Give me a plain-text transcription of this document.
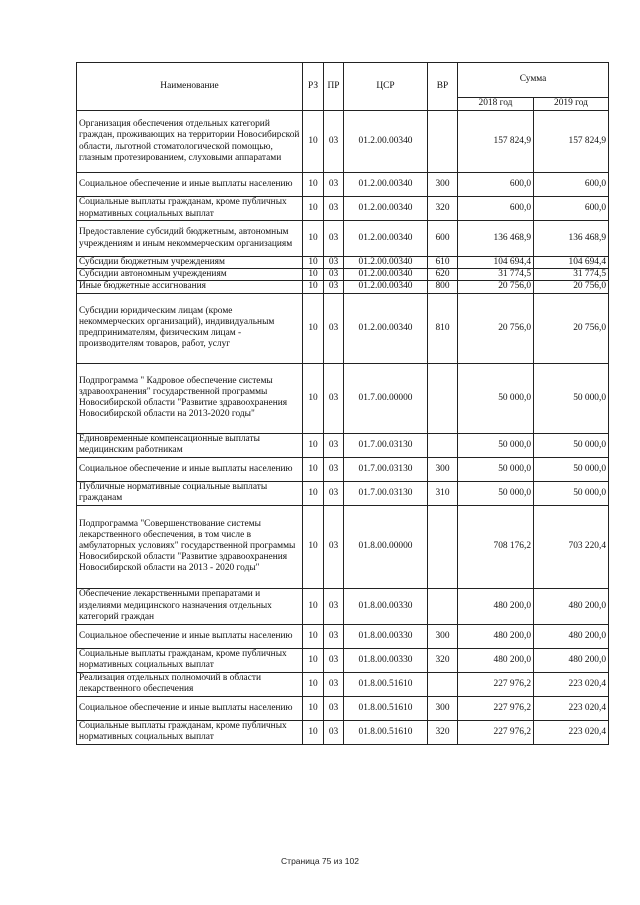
Наименование	РЗ	ПР	ЦСР	ВР	Сумма	
					2018 год	2019 год
Организация обеспечения отдельных категорий граждан, проживающих на территории Новосибирской области, льготной стоматологической помощью, глазным протезированием, слуховыми аппаратами	10	03	01.2.00.00340		157 824,9	157 824,9
Социальное обеспечение и иные выплаты населению	10	03	01.2.00.00340	300	600,0	600,0
Социальные выплаты гражданам, кроме публичных нормативных социальных выплат	10	03	01.2.00.00340	320	600,0	600,0
Предоставление субсидий бюджетным, автономным учреждениям и иным некоммерческим организациям	10	03	01.2.00.00340	600	136 468,9	136 468,9
Субсидии бюджетным учреждениям	10	03	01.2.00.00340	610	104 694,4	104 694,4
Субсидии автономным учреждениям	10	03	01.2.00.00340	620	31 774,5	31 774,5
Иные бюджетные ассигнования	10	03	01.2.00.00340	800	20 756,0	20 756,0
Субсидии юридическим лицам (кроме некоммерческих организаций), индивидуальным предпринимателям, физическим лицам - производителям товаров, работ, услуг	10	03	01.2.00.00340	810	20 756,0	20 756,0
Подпрограмма " Кадровое обеспечение системы здравоохранения" государственной программы Новосибирской области "Развитие здравоохранения Новосибирской области на 2013-2020 годы"	10	03	01.7.00.00000		50 000,0	50 000,0
Единовременные компенсационные выплаты медицинским работникам	10	03	01.7.00.03130		50 000,0	50 000,0
Социальное обеспечение и иные выплаты населению	10	03	01.7.00.03130	300	50 000,0	50 000,0
Публичные нормативные социальные выплаты гражданам	10	03	01.7.00.03130	310	50 000,0	50 000,0
Подпрограмма "Совершенствование системы лекарственного обеспечения, в том числе в амбулаторных условиях" государственной программы Новосибирской области "Развитие здравоохранения Новосибирской области на 2013 - 2020 годы"	10	03	01.8.00.00000		708 176,2	703 220,4
Обеспечение лекарственными препаратами и изделиями медицинского назначения отдельных категорий граждан	10	03	01.8.00.00330		480 200,0	480 200,0
Социальное обеспечение и иные выплаты населению	10	03	01.8.00.00330	300	480 200,0	480 200,0
Социальные выплаты гражданам, кроме публичных нормативных социальных выплат	10	03	01.8.00.00330	320	480 200,0	480 200,0
Реализация отдельных полномочий в области лекарственного обеспечения	10	03	01.8.00.51610		227 976,2	223 020,4
Социальное обеспечение и иные выплаты населению	10	03	01.8.00.51610	300	227 976,2	223 020,4
Социальные выплаты гражданам, кроме публичных нормативных социальных выплат	10	03	01.8.00.51610	320	227 976,2	223 020,4
Страница 75 из 102
